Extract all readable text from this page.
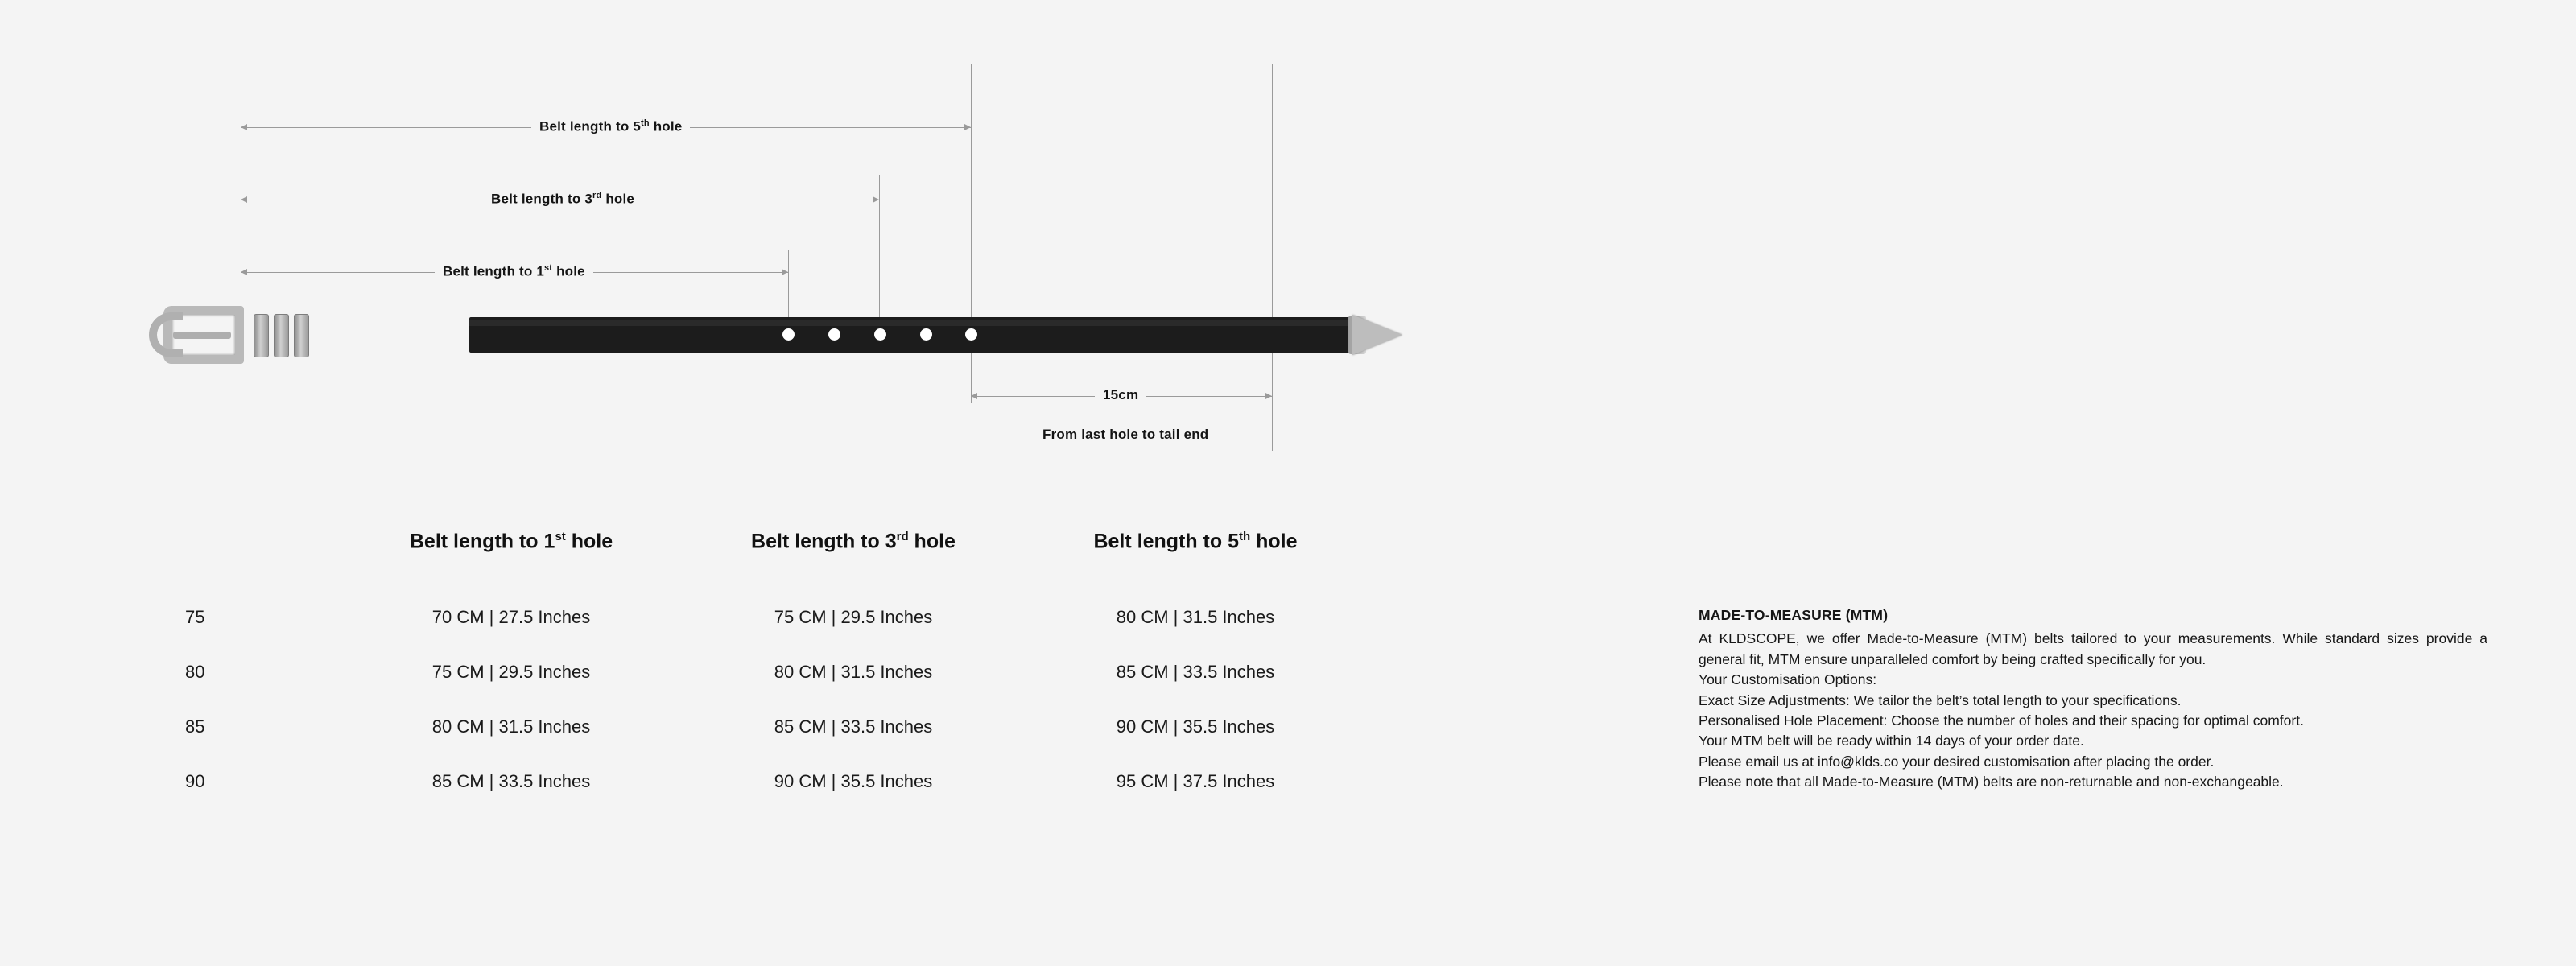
Belt length to 5th hole
Belt length to 3rd hole
Belt length to 1st hole
15cm
From last hole to tail end
	Belt length to 1st hole	Belt length to 3rd hole	Belt length to 5th hole
75	70 CM | 27.5 Inches	75 CM | 29.5 Inches	80 CM | 31.5 Inches
80	75 CM | 29.5 Inches	80 CM | 31.5 Inches	85 CM | 33.5 Inches
85	80 CM | 31.5 Inches	85 CM | 33.5 Inches	90 CM | 35.5 Inches
90	85 CM | 33.5 Inches	90 CM | 35.5 Inches	95 CM | 37.5 Inches
MADE-TO-MEASURE (MTM)

At KLDSCOPE, we offer Made-to-Measure (MTM) belts tailored to your measurements. While standard sizes provide a general fit, MTM ensure unparalleled comfort by being crafted specifically for you.

Your Customisation Options:

Exact Size Adjustments: We tailor the belt’s total length to your specifications.

Personalised Hole Placement: Choose the number of holes and their spacing for optimal comfort.

Your MTM belt will be ready within 14 days of your order date.

Please email us at info@klds.co your desired customisation after placing the order.

Please note that all Made-to-Measure (MTM) belts are non-returnable and non-exchangeable.
